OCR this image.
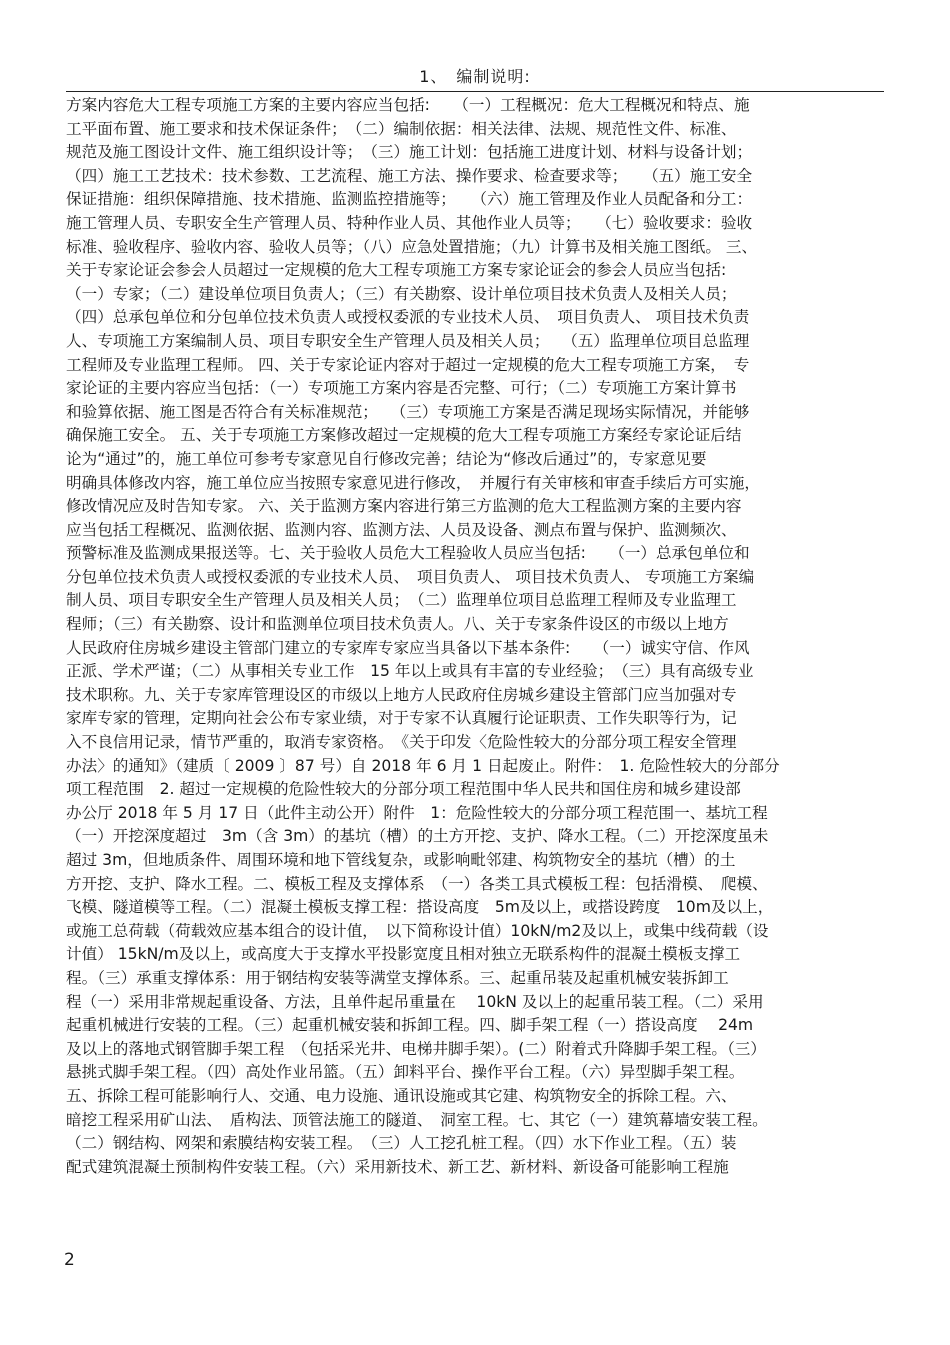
1、　编制说明:
方案内容危大工程专项施工方案的主要内容应当包括:　　（一）工程概况：危大工程概况和特点、施
工平面布置、施工要求和技术保证条件；　（二）编制依据：相关法律、法规、规范性文件、标准、
规范及施工图设计文件、施工组织设计等；　（三）施工计划：包括施工进度计划、材料与设备计划；
（四）施工工艺技术：技术参数、工艺流程、施工方法、操作要求、检查要求等；　　（五）施工安全
保证措施：组织保障措施、技术措施、监测监控措施等；　　（六）施工管理及作业人员配备和分工：
施工管理人员、专职安全生产管理人员、特种作业人员、其他作业人员等；　　（七）验收要求：验收
标准、验收程序、验收内容、验收人员等；（八）应急处置措施；（九）计算书及相关施工图纸。 三、
关于专家论证会参会人员超过一定规模的危大工程专项施工方案专家论证会的参会人员应当包括:
（一）专家；（二）建设单位项目负责人；（三）有关勘察、设计单位项目技术负责人及相关人员；
（四）总承包单位和分包单位技术负责人或授权委派的专业技术人员、　项目负责人、 项目技术负责
人、专项施工方案编制人员、项目专职安全生产管理人员及相关人员；　 （五）监理单位项目总监理
工程师及专业监理工程师。 四、关于专家论证内容对于超过一定规模的危大工程专项施工方案，　专
家论证的主要内容应当包括：（一）专项施工方案内容是否完整、可行；（二）专项施工方案计算书
和验算依据、施工图是否符合有关标准规范；　 （三）专项施工方案是否满足现场实际情况，并能够
确保施工安全。 五、关于专项施工方案修改超过一定规模的危大工程专项施工方案经专家论证后结
论为“通过”的，施工单位可参考专家意见自行修改完善；结论为“修改后通过”的，专家意见要
明确具体修改内容，施工单位应当按照专家意见进行修改，　并履行有关审核和审查手续后方可实施，
修改情况应及时告知专家。 六、关于监测方案内容进行第三方监测的危大工程监测方案的主要内容
应当包括工程概况、监测依据、监测内容、监测方法、人员及设备、测点布置与保护、监测频次、
预警标准及监测成果报送等。七、关于验收人员危大工程验收人员应当包括:　　（一）总承包单位和
分包单位技术负责人或授权委派的专业技术人员、　项目负责人、 项目技术负责人、 专项施工方案编
制人员、项目专职安全生产管理人员及相关人员；　（二）监理单位项目总监理工程师及专业监理工
程师；（三）有关勘察、设计和监测单位项目技术负责人。八、关于专家条件设区的市级以上地方
人民政府住房城乡建设主管部门建立的专家库专家应当具备以下基本条件:　　（一）诚实守信、作风
正派、学术严谨；（二）从事相关专业工作　15 年以上或具有丰富的专业经验；　（三）具有高级专业
技术职称。九、关于专家库管理设区的市级以上地方人民政府住房城乡建设主管部门应当加强对专
家库专家的管理，定期向社会公布专家业绩，对于专家不认真履行论证职责、工作失职等行为，记
入不良信用记录，情节严重的，取消专家资格。　《关于印发〈危险性较大的分部分项工程安全管理
办法〉的通知》（建质〔 2009 〕87 号）自 2018 年 6 月 1 日起废止。附件：　1. 危险性较大的分部分
项工程范围　2. 超过一定规模的危险性较大的分部分项工程范围中华人民共和国住房和城乡建设部
办公厅 2018 年 5 月 17 日（此件主动公开）附件　1：危险性较大的分部分项工程范围一、基坑工程
（一）开挖深度超过　3m（含 3m）的基坑（槽）的土方开挖、支护、降水工程。（二）开挖深度虽未
超过 3m，但地质条件、周围环境和地下管线复杂，或影响毗邻建、构筑物安全的基坑（槽）的土
方开挖、支护、降水工程。二、模板工程及支撑体系　（一）各类工具式模板工程：包括滑模、　爬模、
飞模、隧道模等工程。（二）混凝土模板支撑工程：搭设高度　5m及以上，或搭设跨度　10m及以上，
或施工总荷载（荷载效应基本组合的设计值，　以下简称设计值）10kN/m2及以上，或集中线荷载（设
计值） 15kN/m及以上，或高度大于支撑水平投影宽度且相对独立无联系构件的混凝土模板支撑工
程。（三）承重支撑体系：用于钢结构安装等满堂支撑体系。三、起重吊装及起重机械安装拆卸工
程（一）采用非常规起重设备、方法，且单件起吊重量在　 10kN 及以上的起重吊装工程。（二）采用
起重机械进行安装的工程。（三）起重机械安装和拆卸工程。四、脚手架工程（一）搭设高度　 24m
及以上的落地式钢管脚手架工程　（包括采光井、电梯井脚手架）。(二）附着式升降脚手架工程。（三）
悬挑式脚手架工程。（四）高处作业吊篮。（五）卸料平台、操作平台工程。（六）异型脚手架工程。
五、拆除工程可能影响行人、交通、电力设施、通讯设施或其它建、构筑物安全的拆除工程。六、
暗挖工程采用矿山法、　盾构法、顶管法施工的隧道、　洞室工程。七、其它（一）建筑幕墙安装工程。
（二）钢结构、网架和索膜结构安装工程。　（三）人工挖孔桩工程。（四）水下作业工程。（五）装
配式建筑混凝土预制构件安装工程。（六）采用新技术、新工艺、新材料、新设备可能影响工程施
2
